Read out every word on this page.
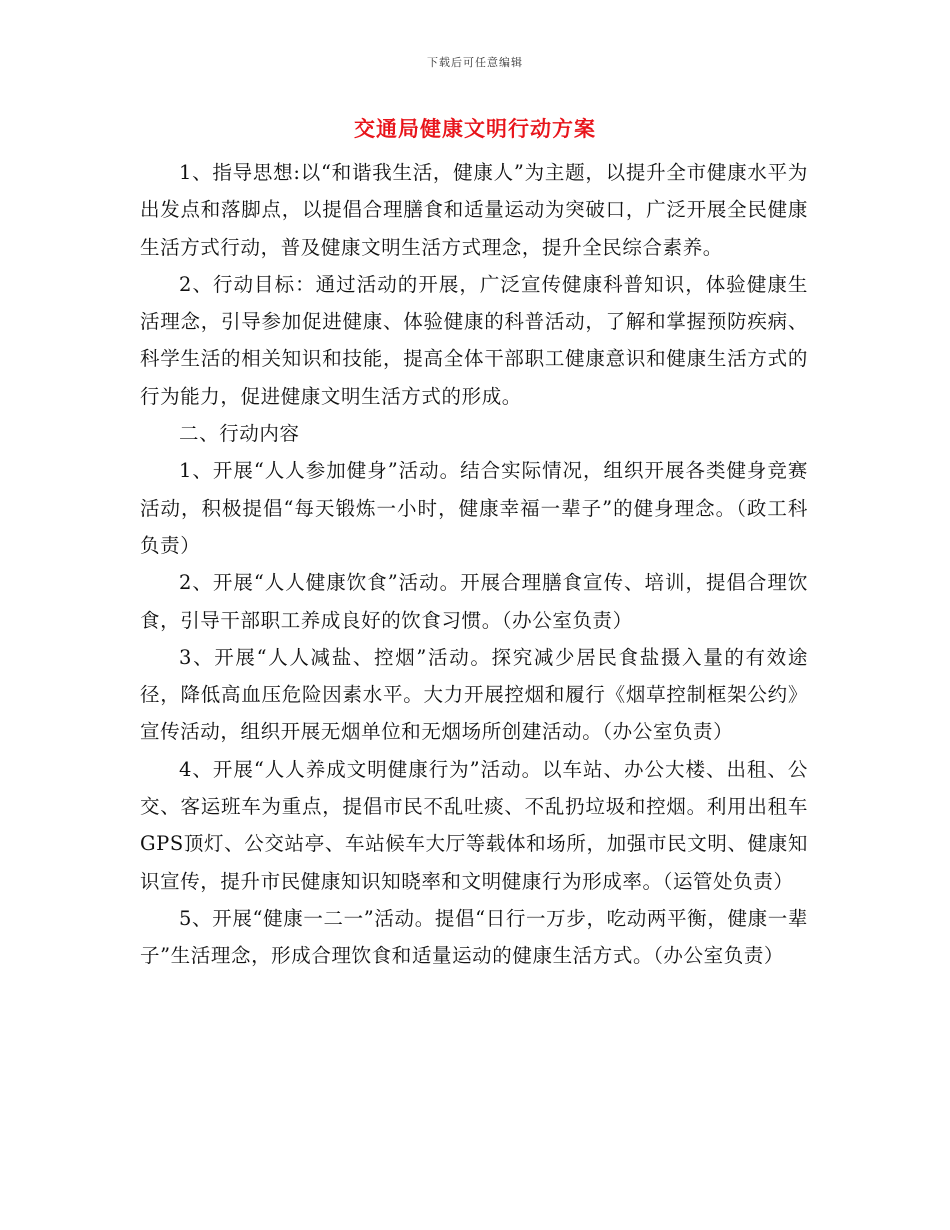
下载后可任意编辑
交通局健康文明行动方案

1、指导思想:以“和谐我生活，健康人”为主题，以提升全市健康水平为出发点和落脚点，以提倡合理膳食和适量运动为突破口，广泛开展全民健康生活方式行动，普及健康文明生活方式理念，提升全民综合素养。

2、行动目标：通过活动的开展，广泛宣传健康科普知识，体验健康生活理念，引导参加促进健康、体验健康的科普活动，了解和掌握预防疾病、科学生活的相关知识和技能，提高全体干部职工健康意识和健康生活方式的行为能力，促进健康文明生活方式的形成。

二、行动内容

1、开展“人人参加健身”活动。结合实际情况，组织开展各类健身竞赛活动，积极提倡“每天锻炼一小时，健康幸福一辈子”的健身理念。（政工科负责）

2、开展“人人健康饮食”活动。开展合理膳食宣传、培训，提倡合理饮食，引导干部职工养成良好的饮食习惯。（办公室负责）

3、开展“人人减盐、控烟”活动。探究减少居民食盐摄入量的有效途径，降低高血压危险因素水平。大力开展控烟和履行《烟草控制框架公约》宣传活动，组织开展无烟单位和无烟场所创建活动。（办公室负责）

4、开展“人人养成文明健康行为”活动。以车站、办公大楼、出租、公交、客运班车为重点，提倡市民不乱吐痰、不乱扔垃圾和控烟。利用出租车GPS顶灯、公交站亭、车站候车大厅等载体和场所，加强市民文明、健康知识宣传，提升市民健康知识知晓率和文明健康行为形成率。（运管处负责）

5、开展“健康一二一”活动。提倡“日行一万步，吃动两平衡，健康一辈子”生活理念，形成合理饮食和适量运动的健康生活方式。（办公室负责）
